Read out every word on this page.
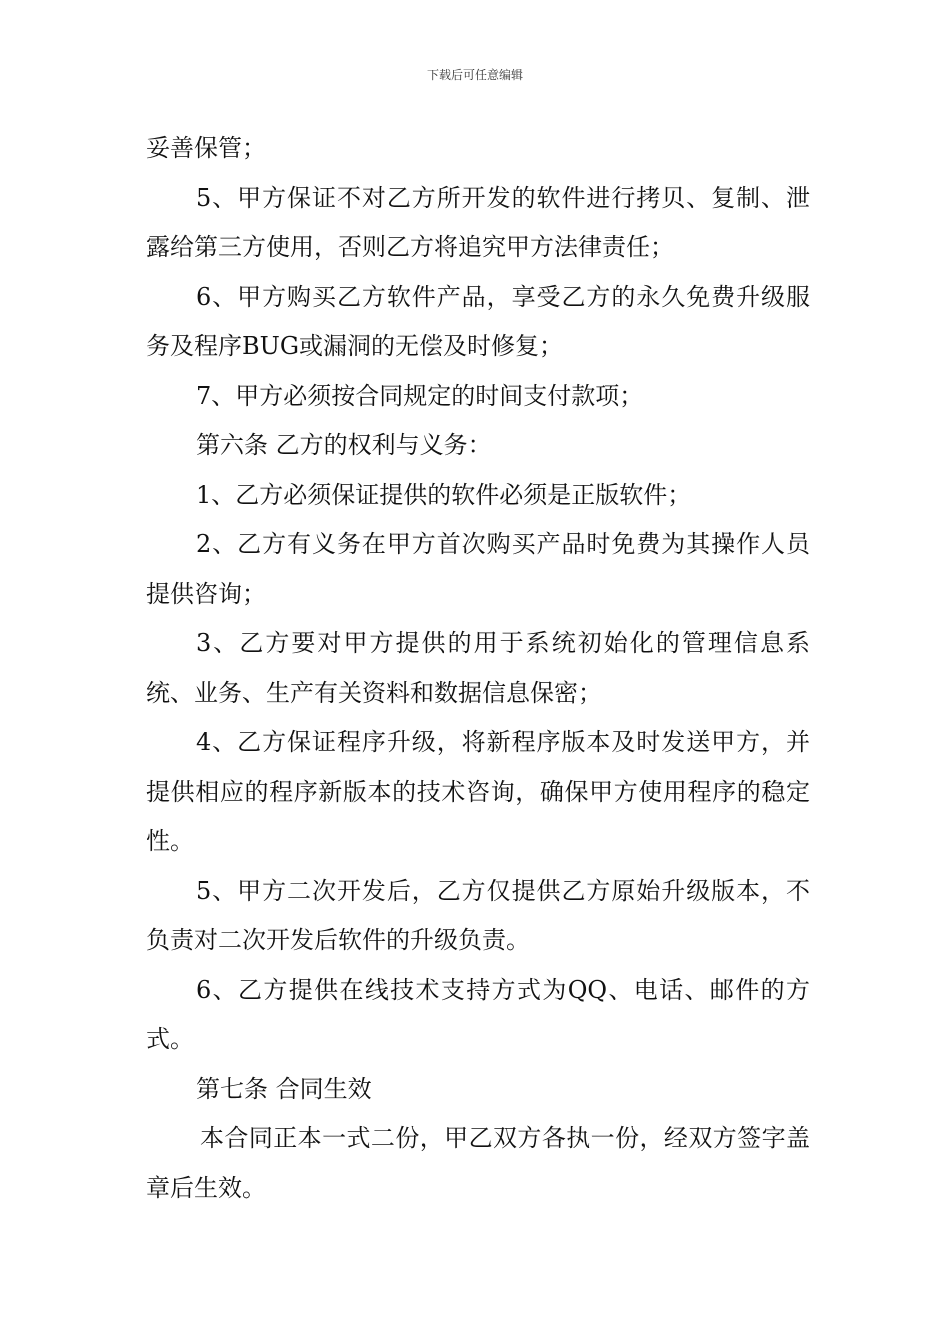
下载后可任意编辑

妥善保管；

5、甲方保证不对乙方所开发的软件进行拷贝、复制、泄露给第三方使用，否则乙方将追究甲方法律责任；

6、甲方购买乙方软件产品，享受乙方的永久免费升级服务及程序BUG或漏洞的无偿及时修复；

7、甲方必须按合同规定的时间支付款项；

第六条 乙方的权利与义务：

1、乙方必须保证提供的软件必须是正版软件；

2、乙方有义务在甲方首次购买产品时免费为其操作人员提供咨询；

3、乙方要对甲方提供的用于系统初始化的管理信息系统、业务、生产有关资料和数据信息保密；

4、乙方保证程序升级，将新程序版本及时发送甲方，并提供相应的程序新版本的技术咨询，确保甲方使用程序的稳定性。

5、甲方二次开发后，乙方仅提供乙方原始升级版本，不负责对二次开发后软件的升级负责。

6、乙方提供在线技术支持方式为QQ、电话、邮件的方式。

第七条 合同生效

本合同正本一式二份，甲乙双方各执一份，经双方签字盖章后生效。
